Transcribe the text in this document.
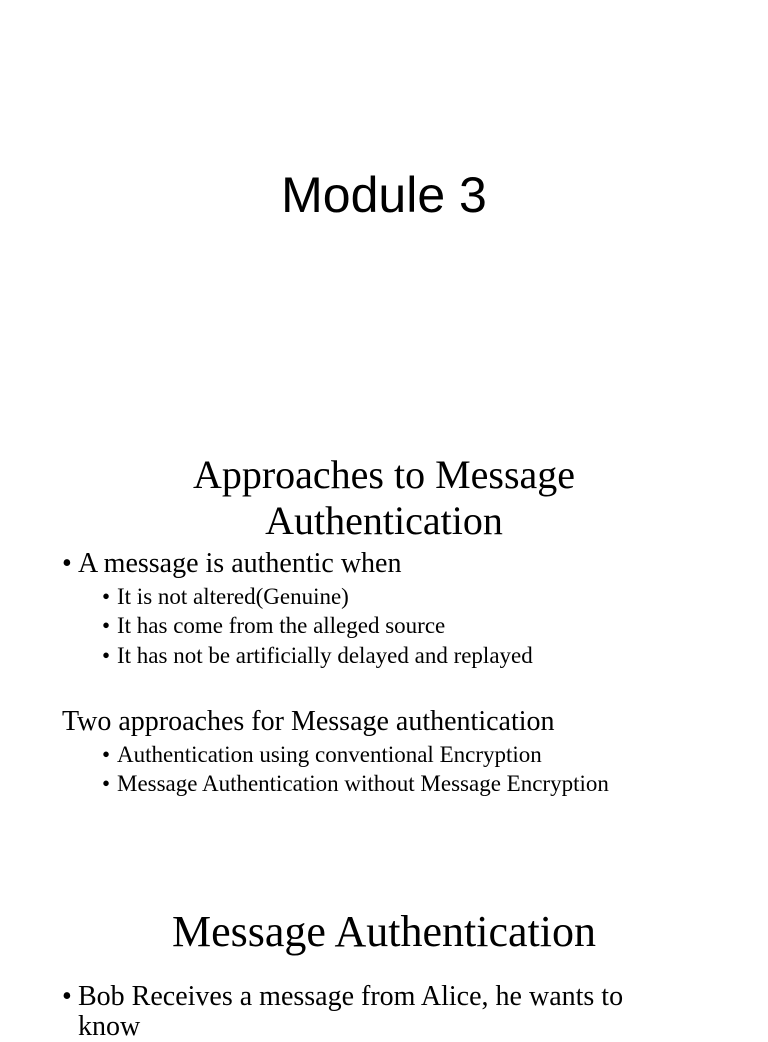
Module 3
Approaches to Message
Authentication
• A message is authentic when
• It is not altered(Genuine)
• It has come from the alleged source
• It has not be artificially delayed and replayed
Two approaches for Message authentication
• Authentication using conventional Encryption
• Message Authentication without Message Encryption
Message Authentication
• Bob Receives a message from Alice, he wants to know
